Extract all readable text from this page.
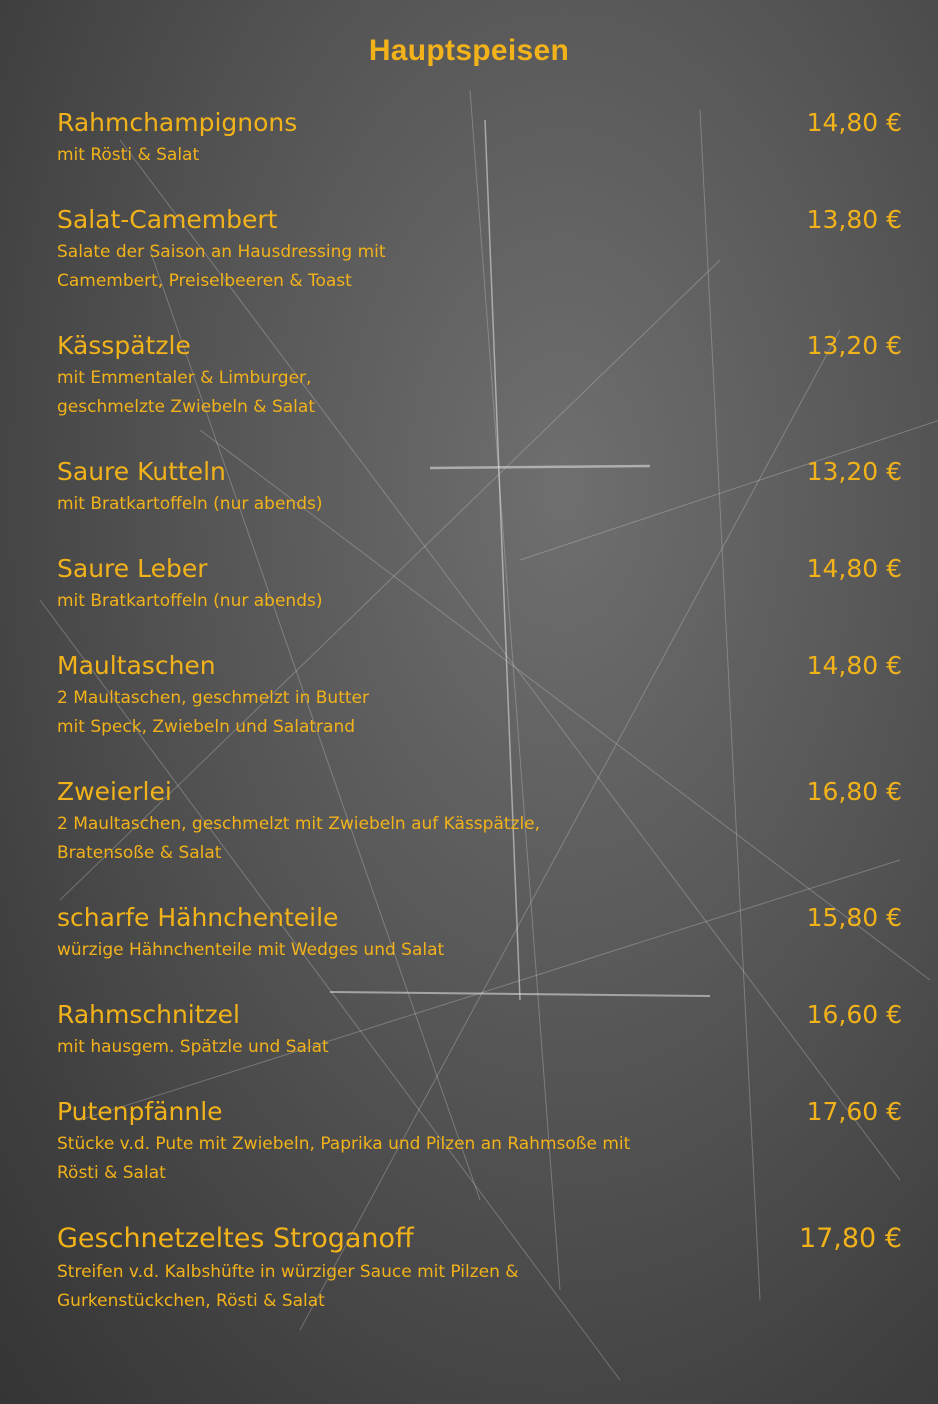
Hauptspeisen
Rahmchampignons	14,80 €
mit Rösti & Salat
Salat-Camembert	13,80 €
Salate der Saison an Hausdressing mit
Camembert, Preiselbeeren & Toast
Kässpätzle	13,20 €
mit Emmentaler & Limburger,
geschmelzte Zwiebeln & Salat
Saure Kutteln	13,20 €
mit Bratkartoffeln (nur abends)
Saure Leber	14,80 €
mit Bratkartoffeln (nur abends)
Maultaschen	14,80 €
2 Maultaschen, geschmelzt in Butter
mit Speck, Zwiebeln und Salatrand
Zweierlei	16,80 €
2 Maultaschen, geschmelzt mit Zwiebeln auf Kässpätzle,
Bratensoße & Salat
scharfe Hähnchenteile	15,80 €
würzige Hähnchenteile mit Wedges und Salat
Rahmschnitzel	16,60 €
mit hausgem. Spätzle und Salat
Putenpfännle	17,60 €
Stücke v.d. Pute mit Zwiebeln, Paprika und Pilzen an Rahmsoße mit
Rösti & Salat
Geschnetzeltes Stroganoff	17,80 €
Streifen v.d. Kalbshüfte in würziger Sauce mit Pilzen &
Gurkenstückchen, Rösti & Salat
